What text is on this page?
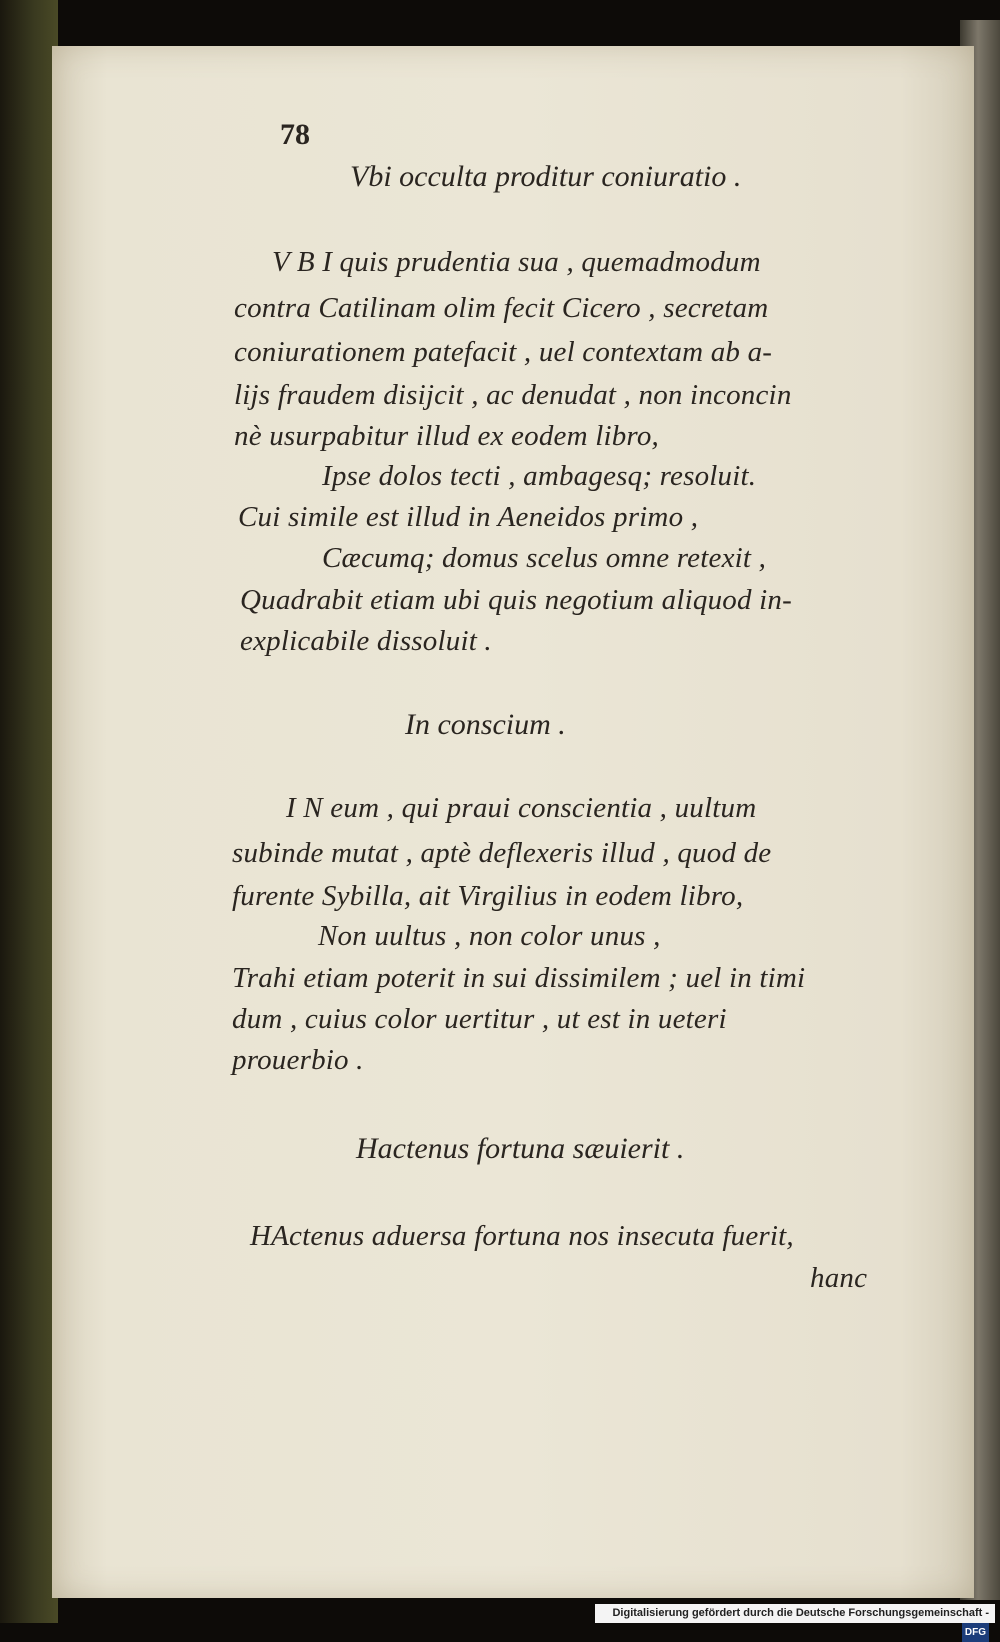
78
Vbi occulta proditur coniuratio .
V B I quis prudentia sua , quemadmodum
contra Catilinam olim fecit Cicero , secretam
coniurationem patefacit , uel contextam ab a-
lijs fraudem disijcit , ac denudat , non inconcin
nè usurpabitur illud ex eodem libro,
Ipse dolos tecti , ambagesq; resoluit.
Cui simile est illud in Aeneidos primo ,
Cæcumq; domus scelus omne retexit ,
Quadrabit etiam ubi quis negotium aliquod in-
explicabile dissoluit .
In conscium .
I N eum , qui praui conscientia , uultum
subinde mutat , aptè deflexeris illud , quod de
furente Sybilla, ait Virgilius in eodem libro,
Non uultus , non color unus ,
Trahi etiam poterit in sui dissimilem ; uel in timi
dum , cuius color uertitur , ut est in ueteri
prouerbio .
Hactenus fortuna sæuierit .
HActenus aduersa fortuna nos insecuta fuerit,
hanc
Digitalisierung gefördert durch die Deutsche Forschungsgemeinschaft -DFG
